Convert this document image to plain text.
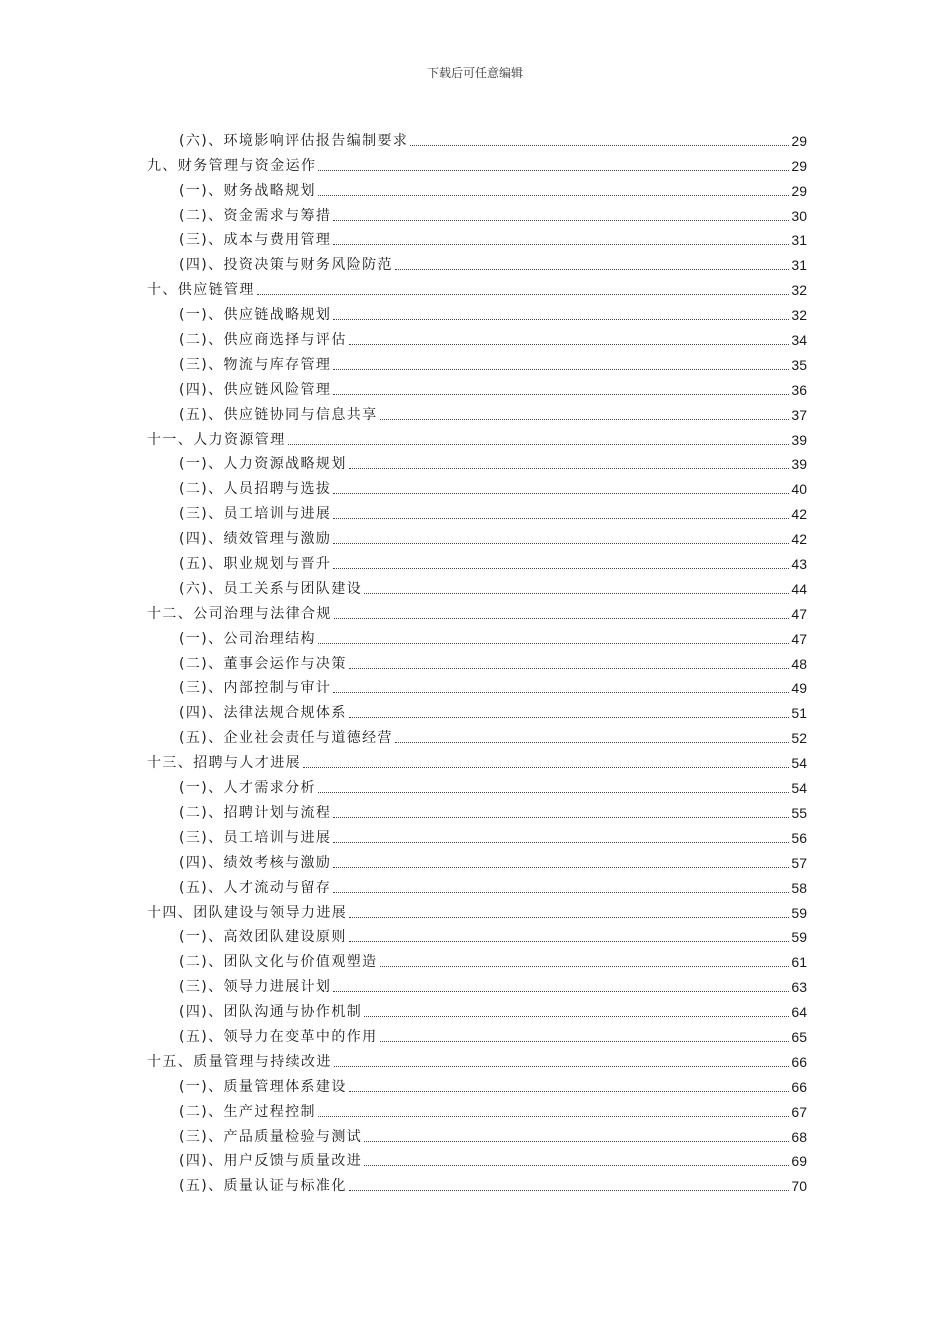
下载后可任意编辑
(六)、环境影响评估报告编制要求	29
九、财务管理与资金运作	29
(一)、财务战略规划	29
(二)、资金需求与筹措	30
(三)、成本与费用管理	31
(四)、投资决策与财务风险防范	31
十、供应链管理	32
(一)、供应链战略规划	32
(二)、供应商选择与评估	34
(三)、物流与库存管理	35
(四)、供应链风险管理	36
(五)、供应链协同与信息共享	37
十一、人力资源管理	39
(一)、人力资源战略规划	39
(二)、人员招聘与选拔	40
(三)、员工培训与进展	42
(四)、绩效管理与激励	42
(五)、职业规划与晋升	43
(六)、员工关系与团队建设	44
十二、公司治理与法律合规	47
(一)、公司治理结构	47
(二)、董事会运作与决策	48
(三)、内部控制与审计	49
(四)、法律法规合规体系	51
(五)、企业社会责任与道德经营	52
十三、招聘与人才进展	54
(一)、人才需求分析	54
(二)、招聘计划与流程	55
(三)、员工培训与进展	56
(四)、绩效考核与激励	57
(五)、人才流动与留存	58
十四、团队建设与领导力进展	59
(一)、高效团队建设原则	59
(二)、团队文化与价值观塑造	61
(三)、领导力进展计划	63
(四)、团队沟通与协作机制	64
(五)、领导力在变革中的作用	65
十五、质量管理与持续改进	66
(一)、质量管理体系建设	66
(二)、生产过程控制	67
(三)、产品质量检验与测试	68
(四)、用户反馈与质量改进	69
(五)、质量认证与标准化	70
